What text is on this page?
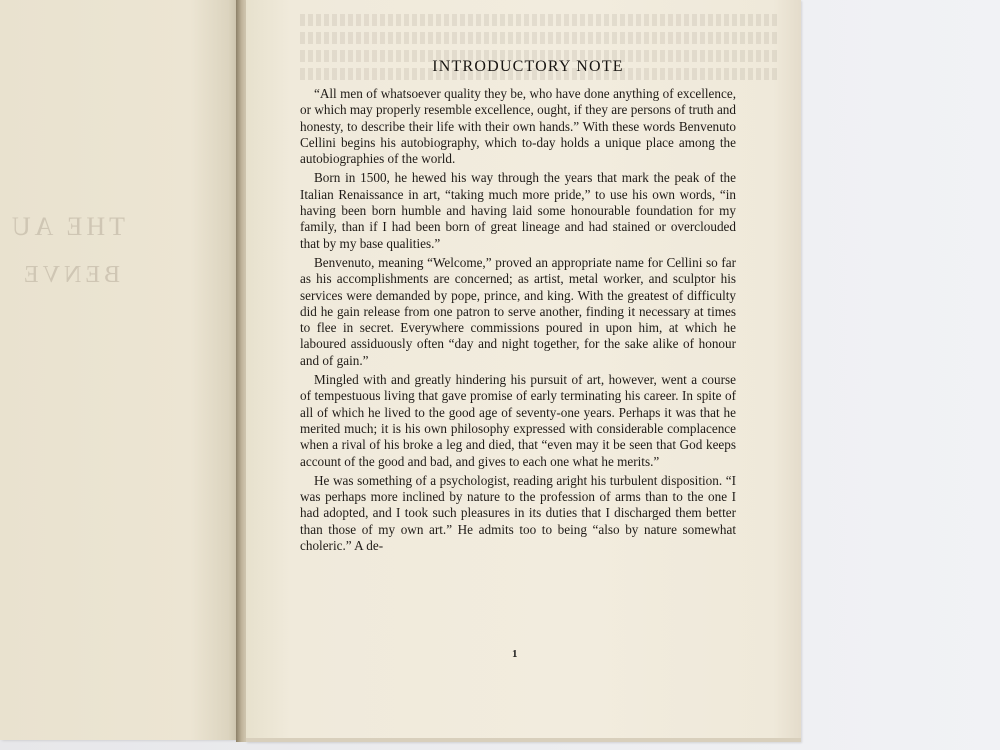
THE AU
BENVE
INTRODUCTORY NOTE

“All men of whatsoever quality they be, who have done anything of excellence, or which may properly resemble excellence, ought, if they are persons of truth and honesty, to describe their life with their own hands.” With these words Benvenuto Cellini begins his autobiography, which to-day holds a unique place among the autobiographies of the world.

Born in 1500, he hewed his way through the years that mark the peak of the Italian Renaissance in art, “taking much more pride,” to use his own words, “in having been born humble and having laid some honourable foundation for my family, than if I had been born of great lineage and had stained or overclouded that by my base qualities.”

Benvenuto, meaning “Welcome,” proved an appropriate name for Cellini so far as his accomplishments are concerned; as artist, metal worker, and sculptor his services were demanded by pope, prince, and king. With the greatest of difficulty did he gain release from one patron to serve another, finding it necessary at times to flee in secret. Everywhere commissions poured in upon him, at which he laboured assiduously often “day and night together, for the sake alike of honour and of gain.”

Mingled with and greatly hindering his pursuit of art, however, went a course of tempestuous living that gave promise of early terminating his career. In spite of all of which he lived to the good age of seventy-one years. Perhaps it was that he merited much; it is his own philosophy expressed with considerable complacence when a rival of his broke a leg and died, that “even may it be seen that God keeps account of the good and bad, and gives to each one what he merits.”

He was something of a psychologist, reading aright his turbulent disposition. “I was perhaps more inclined by nature to the profession of arms than to the one I had adopted, and I took such pleasures in its duties that I discharged them better than those of my own art.” He admits too to being “also by nature somewhat choleric.” A de-

1
